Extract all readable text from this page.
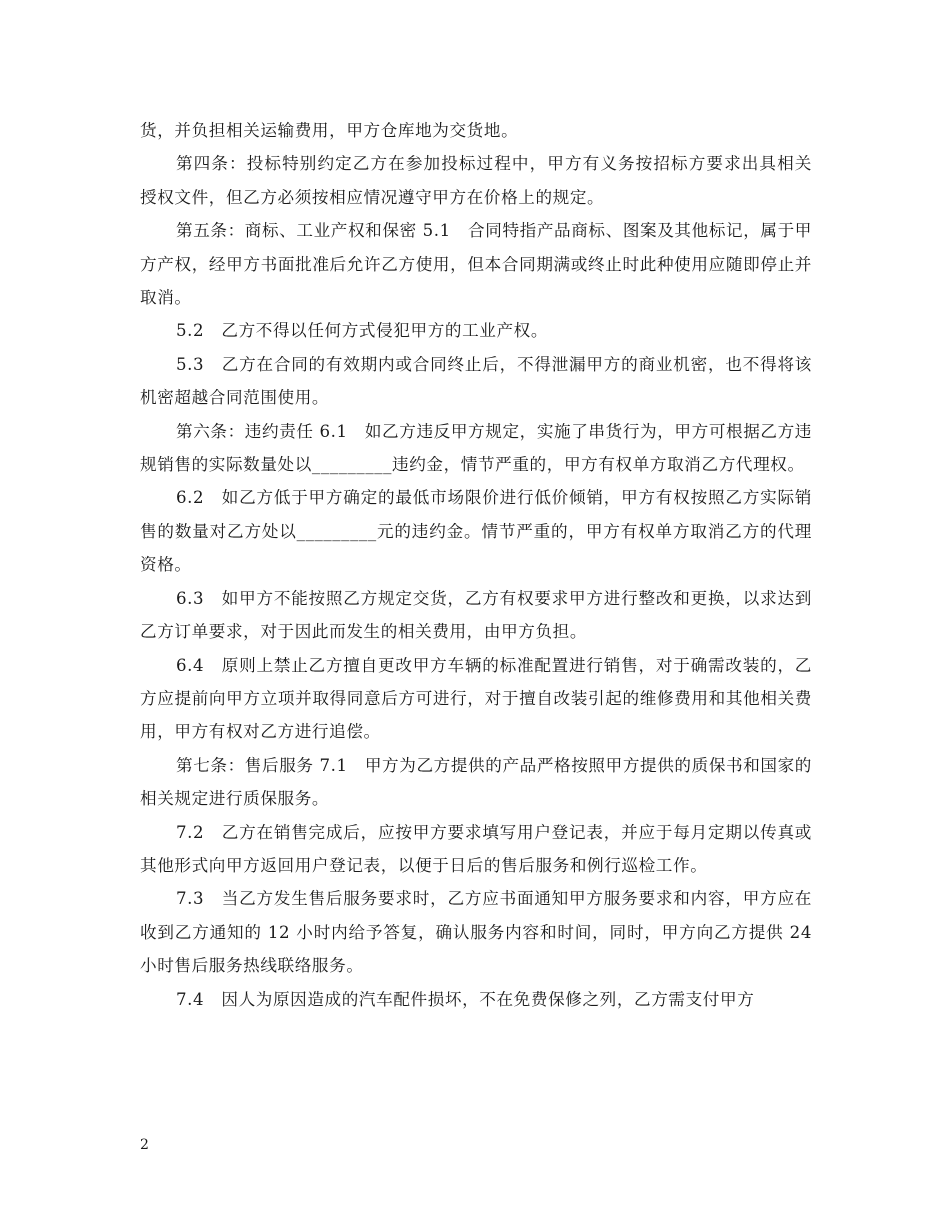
货，并负担相关运输费用，甲方仓库地为交货地。

第四条：投标特别约定乙方在参加投标过程中，甲方有义务按招标方要求出具相关授权文件，但乙方必须按相应情况遵守甲方在价格上的规定。

第五条：商标、工业产权和保密 5.1　合同特指产品商标、图案及其他标记，属于甲方产权，经甲方书面批准后允许乙方使用，但本合同期满或终止时此种使用应随即停止并取消。

5.2　乙方不得以任何方式侵犯甲方的工业产权。

5.3　乙方在合同的有效期内或合同终止后，不得泄漏甲方的商业机密，也不得将该机密超越合同范围使用。

第六条：违约责任 6.1　如乙方违反甲方规定，实施了串货行为，甲方可根据乙方违规销售的实际数量处以_________违约金，情节严重的，甲方有权单方取消乙方代理权。

6.2　如乙方低于甲方确定的最低市场限价进行低价倾销，甲方有权按照乙方实际销售的数量对乙方处以_________元的违约金。情节严重的，甲方有权单方取消乙方的代理资格。

6.3　如甲方不能按照乙方规定交货，乙方有权要求甲方进行整改和更换，以求达到乙方订单要求，对于因此而发生的相关费用，由甲方负担。

6.4　原则上禁止乙方擅自更改甲方车辆的标准配置进行销售，对于确需改装的，乙方应提前向甲方立项并取得同意后方可进行，对于擅自改装引起的维修费用和其他相关费用，甲方有权对乙方进行追偿。

第七条：售后服务 7.1　甲方为乙方提供的产品严格按照甲方提供的质保书和国家的相关规定进行质保服务。

7.2　乙方在销售完成后，应按甲方要求填写用户登记表，并应于每月定期以传真或其他形式向甲方返回用户登记表，以便于日后的售后服务和例行巡检工作。

7.3　当乙方发生售后服务要求时，乙方应书面通知甲方服务要求和内容，甲方应在收到乙方通知的 12 小时内给予答复，确认服务内容和时间，同时，甲方向乙方提供 24 小时售后服务热线联络服务。

7.4　因人为原因造成的汽车配件损坏，不在免费保修之列，乙方需支付甲方

2
